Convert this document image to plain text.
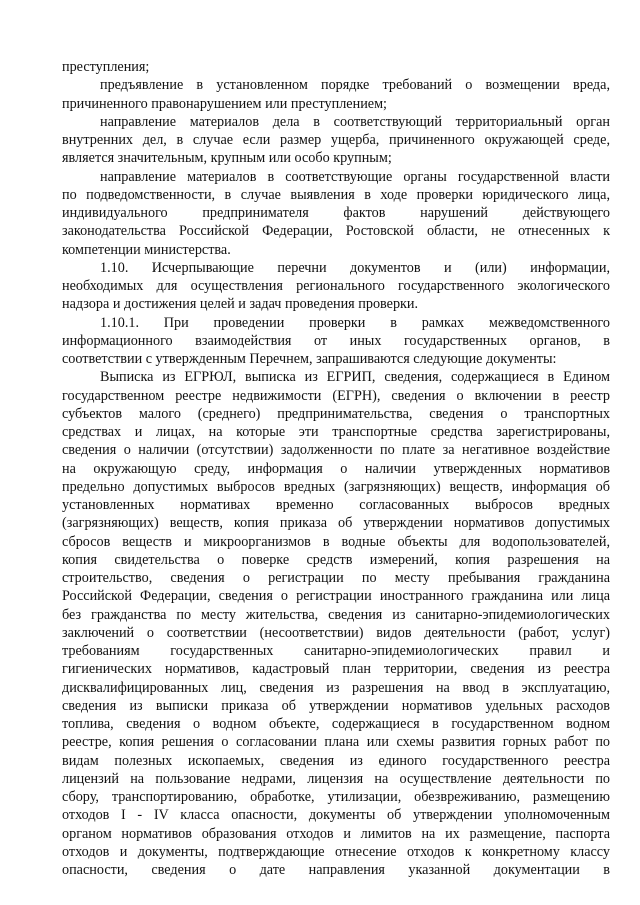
преступления;
предъявление в установленном порядке требований о возмещении вреда,
причиненного правонарушением или преступлением;
направление материалов дела в соответствующий территориальный орган
внутренних дел, в случае если размер ущерба, причиненного окружающей среде,
является значительным, крупным или особо крупным;
направление материалов в соответствующие органы государственной власти
по подведомственности, в случае выявления в ходе проверки юридического лица,
индивидуального предпринимателя фактов нарушений действующего
законодательства Российской Федерации, Ростовской области, не отнесенных к
компетенции министерства.
1.10. Исчерпывающие перечни документов и (или) информации,
необходимых для осуществления регионального государственного экологического
надзора и достижения целей и задач проведения проверки.
1.10.1. При проведении проверки в рамках межведомственного
информационного взаимодействия от иных государственных органов, в
соответствии с утвержденным Перечнем, запрашиваются следующие документы:
Выписка из ЕГРЮЛ, выписка из ЕГРИП, сведения, содержащиеся в Едином
государственном реестре недвижимости (ЕГРН), сведения о включении в реестр
субъектов малого (среднего) предпринимательства, сведения о транспортных
средствах и лицах, на которые эти транспортные средства зарегистрированы,
сведения о наличии (отсутствии) задолженности по плате за негативное воздействие
на окружающую среду, информация о наличии утвержденных нормативов
предельно допустимых выбросов вредных (загрязняющих) веществ, информация об
установленных нормативах временно согласованных выбросов вредных
(загрязняющих) веществ, копия приказа об утверждении нормативов допустимых
сбросов веществ и микроорганизмов в водные объекты для водопользователей,
копия свидетельства о поверке средств измерений, копия разрешения на
строительство, сведения о регистрации по месту пребывания гражданина
Российской Федерации, сведения о регистрации иностранного гражданина или лица
без гражданства по месту жительства, сведения из санитарно-эпидемиологических
заключений о соответствии (несоответствии) видов деятельности (работ, услуг)
требованиям государственных санитарно-эпидемиологических правил и
гигиенических нормативов, кадастровый план территории, сведения из реестра
дисквалифицированных лиц, сведения из разрешения на ввод в эксплуатацию,
сведения из выписки приказа об утверждении нормативов удельных расходов
топлива, сведения о водном объекте, содержащиеся в государственном водном
реестре, копия решения о согласовании плана или схемы развития горных работ по
видам полезных ископаемых, сведения из единого государственного реестра
лицензий на пользование недрами, лицензия на осуществление деятельности по
сбору, транспортированию, обработке, утилизации, обезвреживанию, размещению
отходов I - IV класса опасности, документы об утверждении уполномоченным
органом нормативов образования отходов и лимитов на их размещение, паспорта
отходов и документы, подтверждающие отнесение отходов к конкретному классу
опасности, сведения о дате направления указанной документации в
